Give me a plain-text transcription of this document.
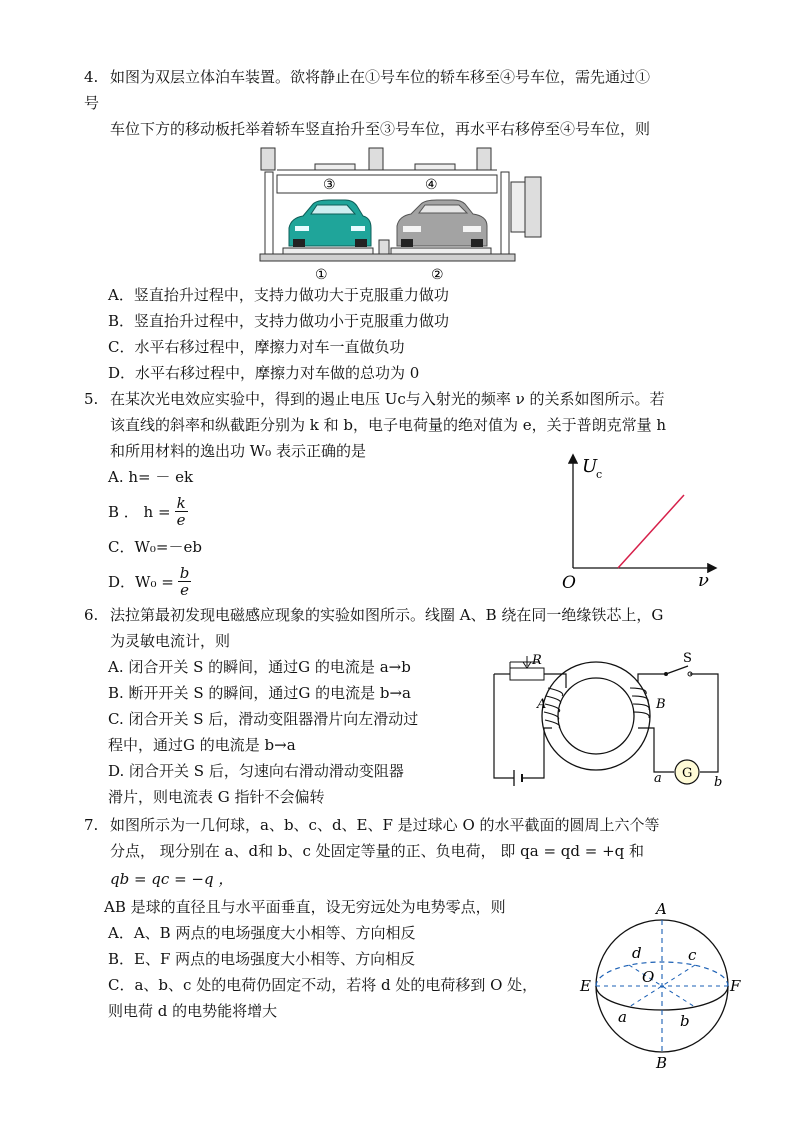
4. 如图为双层立体泊车装置。欲将静止在①号车位的轿车移至④号车位，需先通过①
号
车位下方的移动板托举着轿车竖直抬升至③号车位，再水平右移停至④号车位，则
③	④
①	②
A．竖直抬升过程中，支持力做功大于克服重力做功
B．竖直抬升过程中，支持力做功小于克服重力做功
C．水平右移过程中，摩擦力对车一直做负功
D．水平右移过程中，摩擦力对车做的总功为 0
5. 在某次光电效应实验中，得到的遏止电压 Uc与入射光的频率 ν 的关系如图所示。若
该直线的斜率和纵截距分别为 k 和 b，电子电荷量的绝对值为 e，关于普朗克常量 h
和所用材料的逸出功 W₀ 表示正确的是
A. h= － ek
B ． $h = \frac{k}{e}$
C．W₀=－eb
D．$W_0 = \frac{b}{e}$
U
c
ν
O
6. 法拉第最初发现电磁感应现象的实验如图所示。线圈 A、B 绕在同一绝缘铁芯上，G
为灵敏电流计，则
A. 闭合开关 S 的瞬间，通过G 的电流是 a→b
B. 断开开关 S 的瞬间，通过G 的电流是 b→a
C. 闭合开关 S 后，滑动变阻器滑片向左滑动过
程中，通过G 的电流是 b→a
D. 闭合开关 S 后，匀速向右滑动滑动变阻器
滑片，则电流表 G 指针不会偏转
R
A	B
S
G
a	b
7. 如图所示为一几何球，a、b、c、d、E、F 是过球心 O 的水平截面的圆周上六个等
分点， 现分别在 a、d和 b、c 处固定等量的正、负电荷， 即 qa = qd = +q 和
qb = qc = −q ，
AB 是球的直径且与水平面垂直，设无穷远处为电势零点，则
A．A、B 两点的电场强度大小相等、方向相反
B．E、F 两点的电场强度大小相等、方向相反
C．a、b、c 处的电荷仍固定不动，若将 d 处的电荷移到 O 处，
则电荷 d 的电势能将增大
A
B
E	F
O
a	b
c
d
